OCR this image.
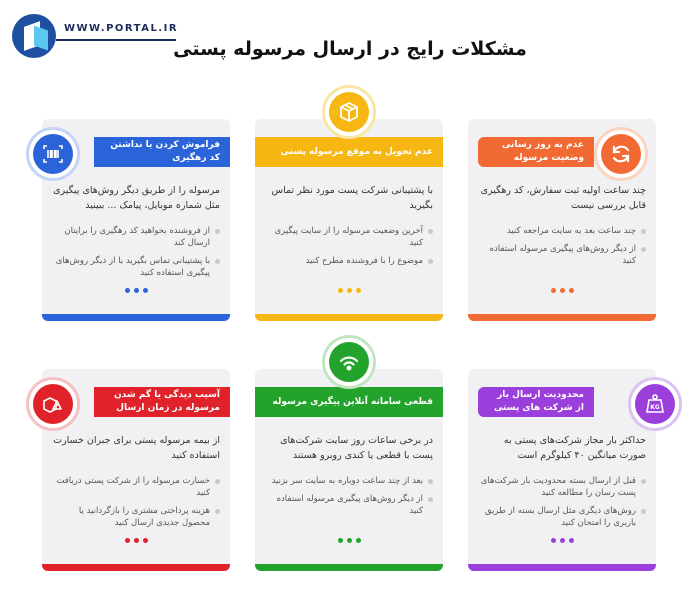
WWW.PORTAL.IR
مشکلات رایج در ارسال مرسوله پستی
عدم به روز رسانی وضعیت مرسوله
چند ساعت اولیه ثبت سفارش، کد رهگیری قابل بررسی نیست
چند ساعت بعد به سایت مراجعه کنید
از دیگر روش‌های پیگیری مرسوله استفاده کنید
عدم تحویل به موقع مرسوله پستی
با پشتیبانی شرکت پست مورد نظر تماس بگیرید
آخرین وضعیت مرسوله را از سایت پیگیری کنید
موضوع را با فروشنده مطرح کنید
فراموش کردن یا نداشتن کد رهگیری
مرسوله را از طریق دیگر روش‌های پیگیری مثل شماره موبایل، پیامک ... ببینید
از فروشنده بخواهید کد رهگیری را برایتان ارسال کند
با پشتیبانی تماس بگیرید یا از دیگر روش‌های پیگیری استفاده کنید
محدودیت ارسال بار از شرکت های پستی
حداکثر بار مجاز شرکت‌های پستی به صورت میانگین ۴۰ کیلوگرم است
قبل از ارسال بسته محدودیت بار شرکت‌های پست رسان را مطالعه کنید
روش‌های دیگری مثل ارسال بسته از طریق باربری را امتحان کنید
KG
قطعی سامانه آنلاین پیگیری مرسوله
در برخی ساعات روز سایت شرکت‌های پست با قطعی یا کندی روبرو هستند
بعد از چند ساعت دوباره به سایت سر بزنید
از دیگر روش‌های پیگیری مرسوله استفاده کنید
آسیب دیدگی یا گم شدن مرسوله در زمان ارسال
از بیمه مرسوله پستی برای جبران خسارت استفاده کنید
خسارت مرسوله را از شرکت پستی دریافت کنید
هزینه پرداختی مشتری را بازگردانید یا محصول جدیدی ارسال کنید
